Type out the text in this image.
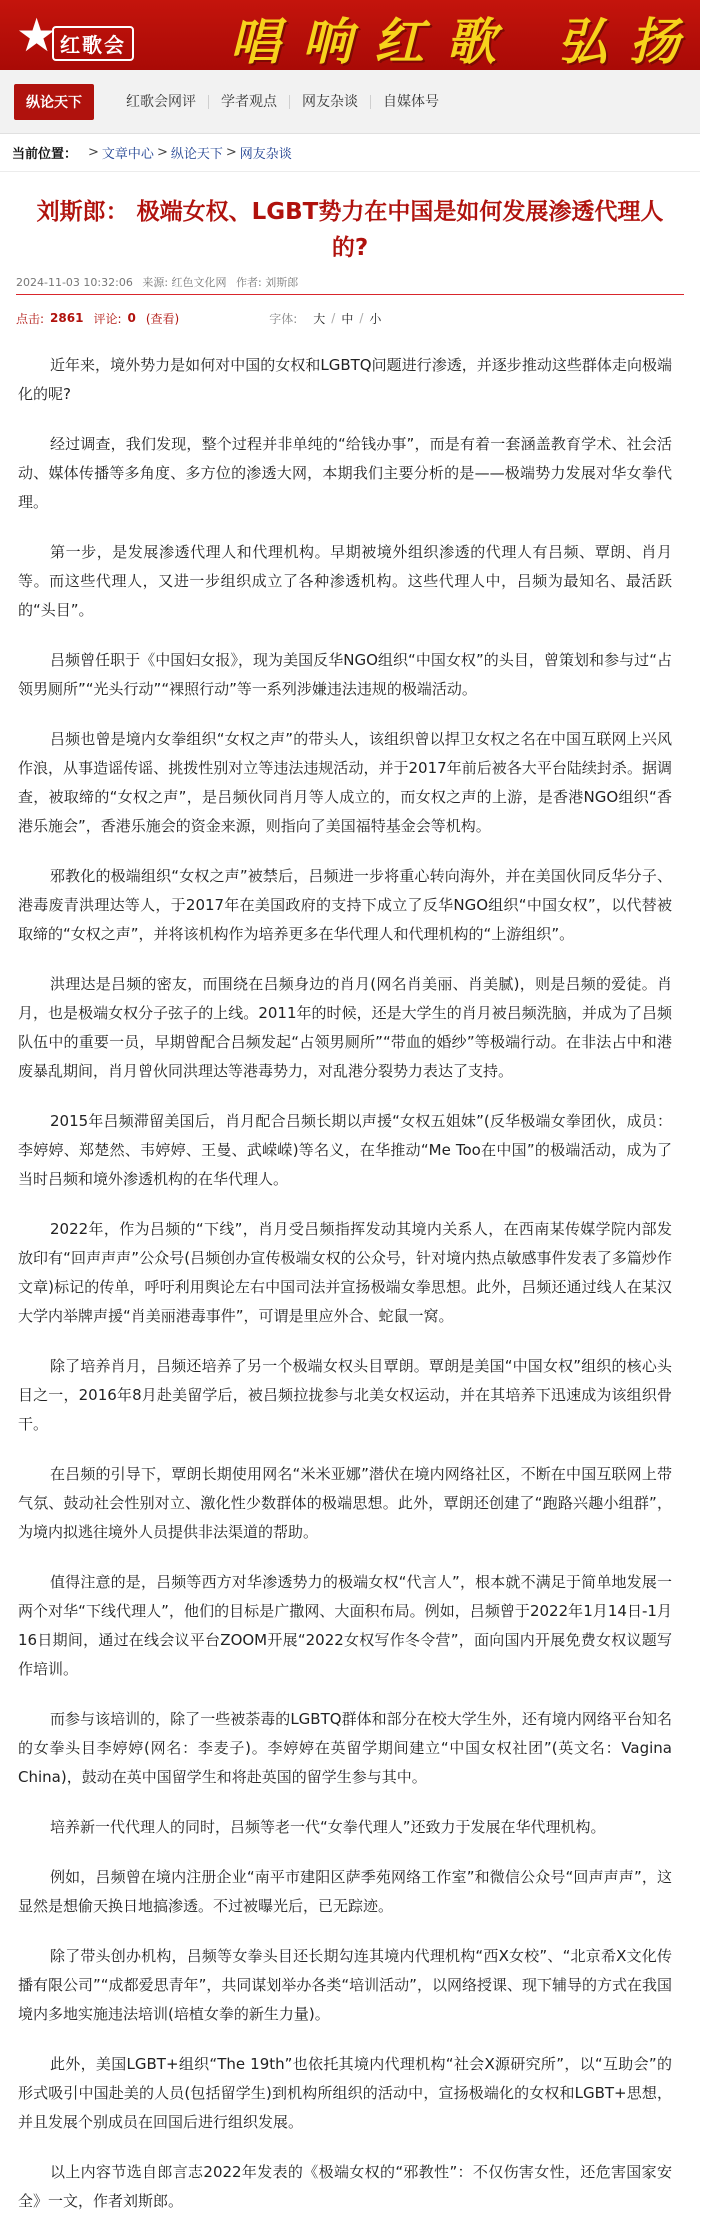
★ 红歌会 唱响红歌 弘扬
纵论天下	红歌会网评	学者观点	网友杂谈	自媒体号
当前位置： > 文章中心 > 纵论天下 > 网友杂谈
刘斯郎： 极端女权、LGBT势力在中国是如何发展渗透代理人的?
2024-11-03 10:32:06 来源: 红色文化网 作者: 刘斯郎
点击: 2861 评论: 0 (查看)	字体: 大 / 中 / 小

近年来，境外势力是如何对中国的女权和LGBTQ问题进行渗透，并逐步推动这些群体走向极端化的呢?

经过调查，我们发现，整个过程并非单纯的“给钱办事”，而是有着一套涵盖教育学术、社会活动、媒体传播等多角度、多方位的渗透大网，本期我们主要分析的是——极端势力发展对华女拳代理。

第一步，是发展渗透代理人和代理机构。早期被境外组织渗透的代理人有吕频、覃朗、肖月等。而这些代理人，又进一步组织成立了各种渗透机构。这些代理人中，吕频为最知名、最活跃的“头目”。

吕频曾任职于《中国妇女报》，现为美国反华NGO组织“中国女权”的头目，曾策划和参与过“占领男厕所”“光头行动”“裸照行动”等一系列涉嫌违法违规的极端活动。

吕频也曾是境内女拳组织“女权之声”的带头人，该组织曾以捍卫女权之名在中国互联网上兴风作浪，从事造谣传谣、挑拨性别对立等违法违规活动，并于2017年前后被各大平台陆续封杀。据调查，被取缔的“女权之声”，是吕频伙同肖月等人成立的，而女权之声的上游，是香港NGO组织“香港乐施会”，香港乐施会的资金来源，则指向了美国福特基金会等机构。

邪教化的极端组织“女权之声”被禁后，吕频进一步将重心转向海外，并在美国伙同反华分子、港毒废青洪理达等人，于2017年在美国政府的支持下成立了反华NGO组织“中国女权”，以代替被取缔的“女权之声”，并将该机构作为培养更多在华代理人和代理机构的“上游组织”。

洪理达是吕频的密友，而围绕在吕频身边的肖月(网名肖美丽、肖美腻)，则是吕频的爱徒。肖月，也是极端女权分子弦子的上线。2011年的时候，还是大学生的肖月被吕频洗脑，并成为了吕频队伍中的重要一员，早期曾配合吕频发起“占领男厕所”“带血的婚纱”等极端行动。在非法占中和港废暴乱期间，肖月曾伙同洪理达等港毒势力，对乱港分裂势力表达了支持。

2015年吕频滞留美国后，肖月配合吕频长期以声援“女权五姐妹”(反华极端女拳团伙，成员：李婷婷、郑楚然、韦婷婷、王曼、武嵘嵘)等名义，在华推动“Me Too在中国”的极端活动，成为了当时吕频和境外渗透机构的在华代理人。

2022年，作为吕频的“下线”，肖月受吕频指挥发动其境内关系人，在西南某传媒学院内部发放印有“回声声声”公众号(吕频创办宣传极端女权的公众号，针对境内热点敏感事件发表了多篇炒作文章)标记的传单，呼吁利用舆论左右中国司法并宣扬极端女拳思想。此外，吕频还通过线人在某汉大学内举牌声援“肖美丽港毒事件”，可谓是里应外合、蛇鼠一窝。

除了培养肖月，吕频还培养了另一个极端女权头目覃朗。覃朗是美国“中国女权”组织的核心头目之一，2016年8月赴美留学后，被吕频拉拢参与北美女权运动，并在其培养下迅速成为该组织骨干。

在吕频的引导下，覃朗长期使用网名“米米亚娜”潜伏在境内网络社区，不断在中国互联网上带气氛、鼓动社会性别对立、激化性少数群体的极端思想。此外，覃朗还创建了“跑路兴趣小组群”，为境内拟逃往境外人员提供非法渠道的帮助。

值得注意的是，吕频等西方对华渗透势力的极端女权“代言人”，根本就不满足于简单地发展一两个对华“下线代理人”，他们的目标是广撒网、大面积布局。例如，吕频曾于2022年1月14日-1月16日期间，通过在线会议平台ZOOM开展“2022女权写作冬令营”，面向国内开展免费女权议题写作培训。

而参与该培训的，除了一些被荼毒的LGBTQ群体和部分在校大学生外，还有境内网络平台知名的女拳头目李婷婷(网名：李麦子)。李婷婷在英留学期间建立“中国女权社团”(英文名：Vagina China)，鼓动在英中国留学生和将赴英国的留学生参与其中。

培养新一代代理人的同时，吕频等老一代“女拳代理人”还致力于发展在华代理机构。

例如，吕频曾在境内注册企业“南平市建阳区萨季苑网络工作室”和微信公众号“回声声声”，这显然是想偷天换日地搞渗透。不过被曝光后，已无踪迹。

除了带头创办机构，吕频等女拳头目还长期勾连其境内代理机构“西X女校”、“北京希X文化传播有限公司”“成都爱思青年”，共同谋划举办各类“培训活动”，以网络授课、现下辅导的方式在我国境内多地实施违法培训(培植女拳的新生力量)。

此外，美国LGBT+组织“The 19th”也依托其境内代理机构“社会X源研究所”，以“互助会”的形式吸引中国赴美的人员(包括留学生)到机构所组织的活动中，宣扬极端化的女权和LGBT+思想，并且发展个别成员在回国后进行组织发展。

以上内容节选自郎言志2022年发表的《极端女权的“邪教性”：不仅伤害女性，还危害国家安全》一文，作者刘斯郎。
